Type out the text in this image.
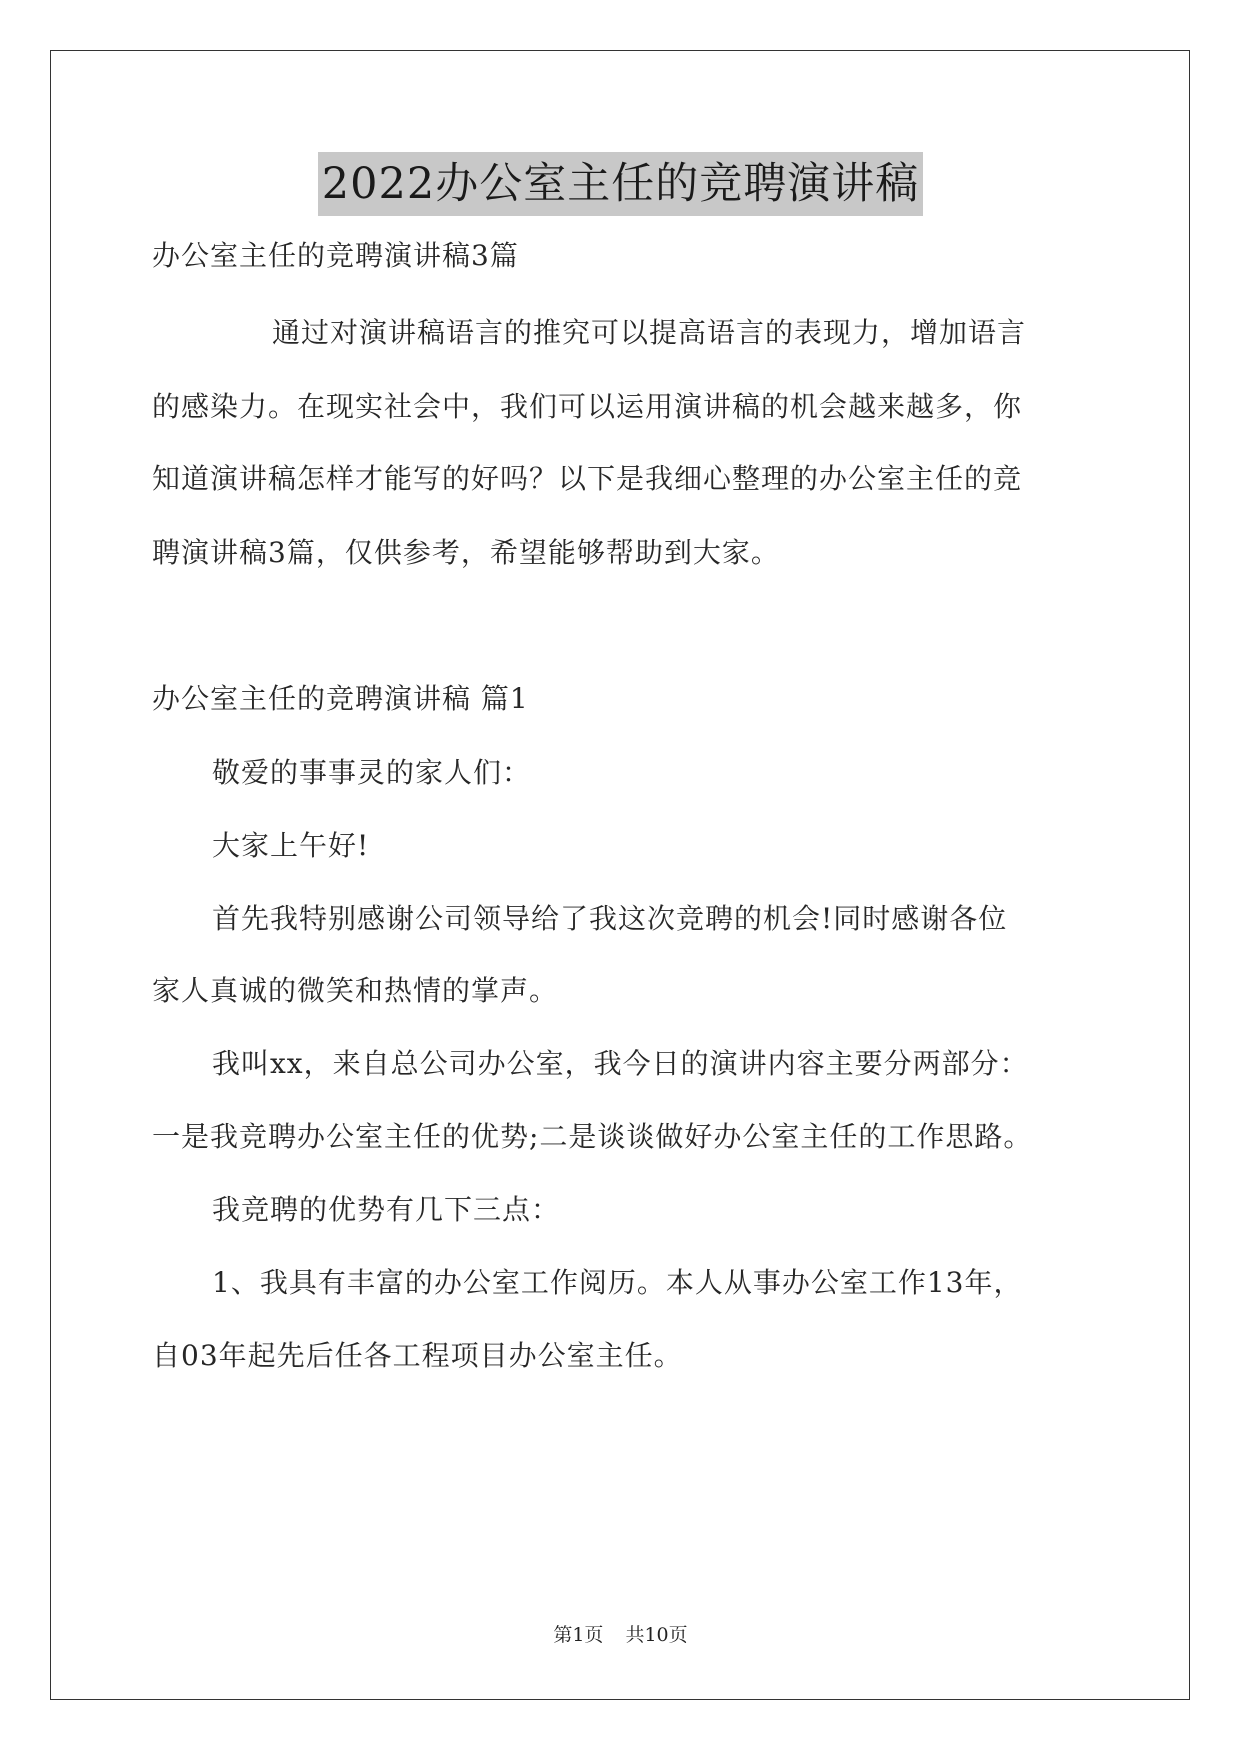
2022办公室主任的竞聘演讲稿
办公室主任的竞聘演讲稿3篇
通过对演讲稿语言的推究可以提高语言的表现力，增加语言
的感染力。在现实社会中，我们可以运用演讲稿的机会越来越多，你
知道演讲稿怎样才能写的好吗？以下是我细心整理的办公室主任的竞
聘演讲稿3篇，仅供参考，希望能够帮助到大家。
办公室主任的竞聘演讲稿 篇1
敬爱的事事灵的家人们：
大家上午好!
首先我特别感谢公司领导给了我这次竞聘的机会!同时感谢各位
家人真诚的微笑和热情的掌声。
我叫xx，来自总公司办公室，我今日的演讲内容主要分两部分：
一是我竞聘办公室主任的优势;二是谈谈做好办公室主任的工作思路。
我竞聘的优势有几下三点：
1、我具有丰富的办公室工作阅历。本人从事办公室工作13年，
自03年起先后任各工程项目办公室主任。
第1页 共10页
